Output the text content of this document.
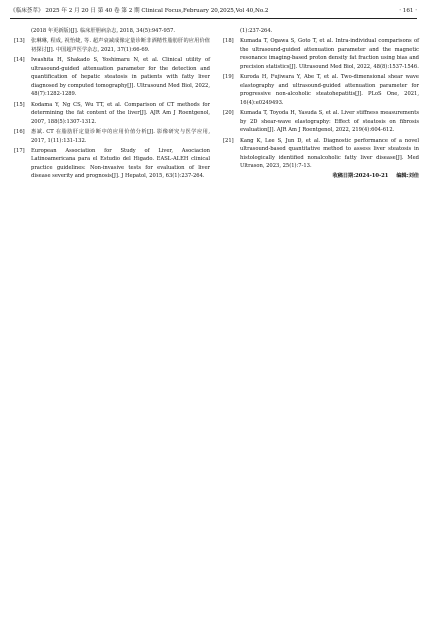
《临床荟萃》 2025 年 2 月 20 日 第 40 卷 第 2 期 Clinical Focus,February 20,2025,Vol 40,No.2	· 161 ·
(2018 年更新版)[J]. 临床肝胆病杂志, 2018, 34(5):947-957.
[13]	张琳琳, 程成, 祝怡婕, 等. 超声衰减成像定量诊断非酒精性脂肪肝的应用价值初探讨[J]. 中国超声医学杂志, 2021, 37(1):66-69.
[14]	Iwashita H, Shakado S, Yoshimaru N, et al. Clinical utility of ultrasound-guided attenuation parameter for the detection and quantification of hepatic steatosis in patients with fatty liver diagnosed by computed tomography[J]. Ultrasound Med Biol, 2022, 48(7):1282-1289.
[15]	Kodama Y, Ng CS, Wu TT, et al. Comparison of CT methods for determining the fat content of the liver[J]. AJR Am J Roentgenol, 2007, 188(5):1307-1312.
[16]	惠斌. CT 在脂肪肝定量诊断中的应用价值分析[J]. 影像研究与医学应用, 2017, 1(11):131-132.
[17]	European Association for Study of Liver, Asociacion Latinoamericana para el Estudio del Higado. EASL-ALEH clinical practice guidelines: Non-invasive tests for evaluation of liver disease severity and prognosis[J]. J Hepatol, 2015, 63(1):237-264.
(1):237-264.
[18]	Kumada T, Ogawa S, Goto T, et al. Intra-individual comparisons of the ultrasound-guided attenuation parameter and the magnetic resonance imaging-based proton density fat fraction using bias and precision statistics[J]. Ultrasound Med Biol, 2022, 48(8):1537-1546.
[19]	Kuroda H, Fujiwara Y, Abe T, et al. Two-dimensional shear wave elastography and ultrasound-guided attenuation parameter for progressive non-alcoholic steatohepatitis[J]. PLoS One, 2021, 16(4):e0249493.
[20]	Kumada T, Toyoda H, Yasuda S, et al. Liver stiffness measurements by 2D shear-wave elastography: Effect of steatosis on fibrosis evaluation[J]. AJR Am J Roentgenol, 2022, 219(4):604-612.
[21]	Kang K, Lee S, Jun D, et al. Diagnostic performance of a novel ultrasound-based quantitative method to assess liver steatosis in histologically identified nonalcoholic fatty liver disease[J]. Med Ultrason, 2023, 25(1):7-13.
收稿日期:2024-10-21 编辑:刘佳
